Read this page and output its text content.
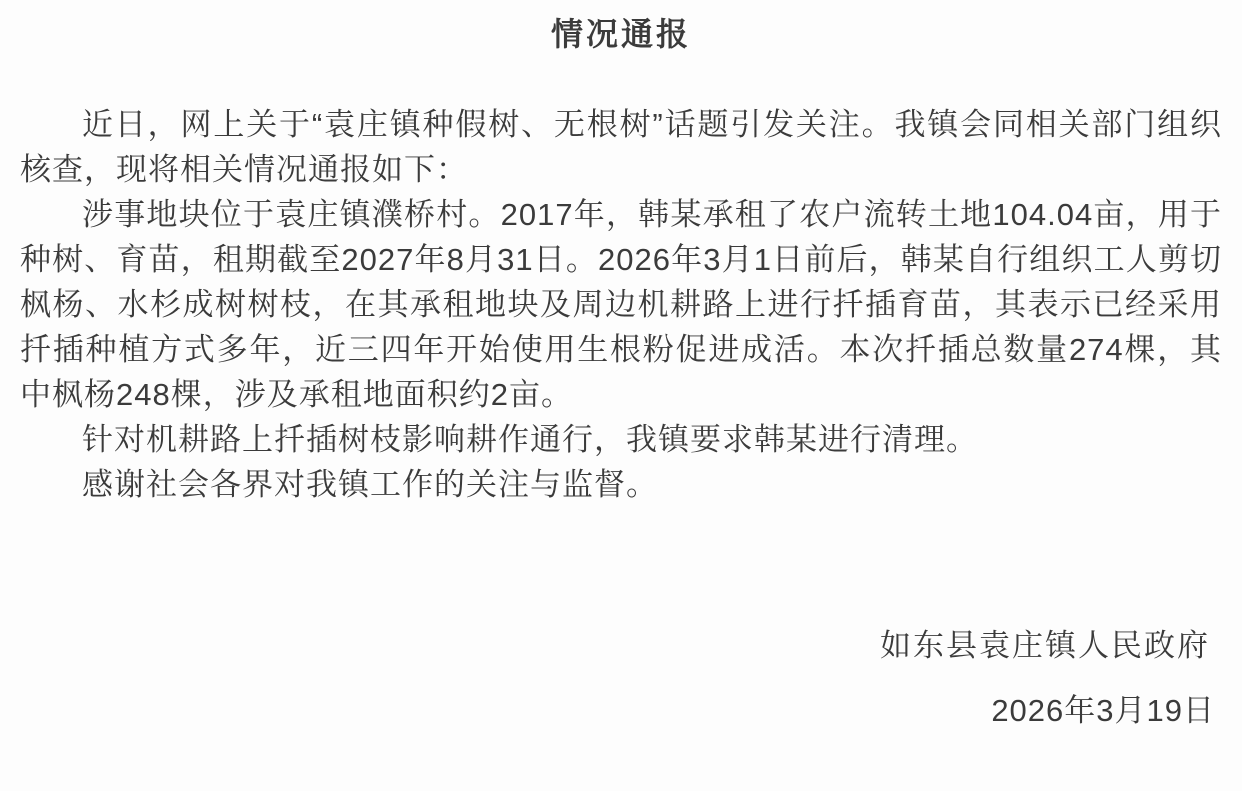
情况通报

近日，网上关于“袁庄镇种假树、无根树”话题引发关注。我镇会同相关部门组织核查，现将相关情况通报如下：

涉事地块位于袁庄镇濮桥村。2017年，韩某承租了农户流转土地104.04亩，用于种树、育苗，租期截至2027年8月31日。2026年3月1日前后，韩某自行组织工人剪切枫杨、水杉成树树枝，在其承租地块及周边机耕路上进行扦插育苗，其表示已经采用扦插种植方式多年，近三四年开始使用生根粉促进成活。本次扦插总数量274棵，其中枫杨248棵，涉及承租地面积约2亩。

针对机耕路上扦插树枝影响耕作通行，我镇要求韩某进行清理。

感谢社会各界对我镇工作的关注与监督。

如东县袁庄镇人民政府
2026年3月19日
